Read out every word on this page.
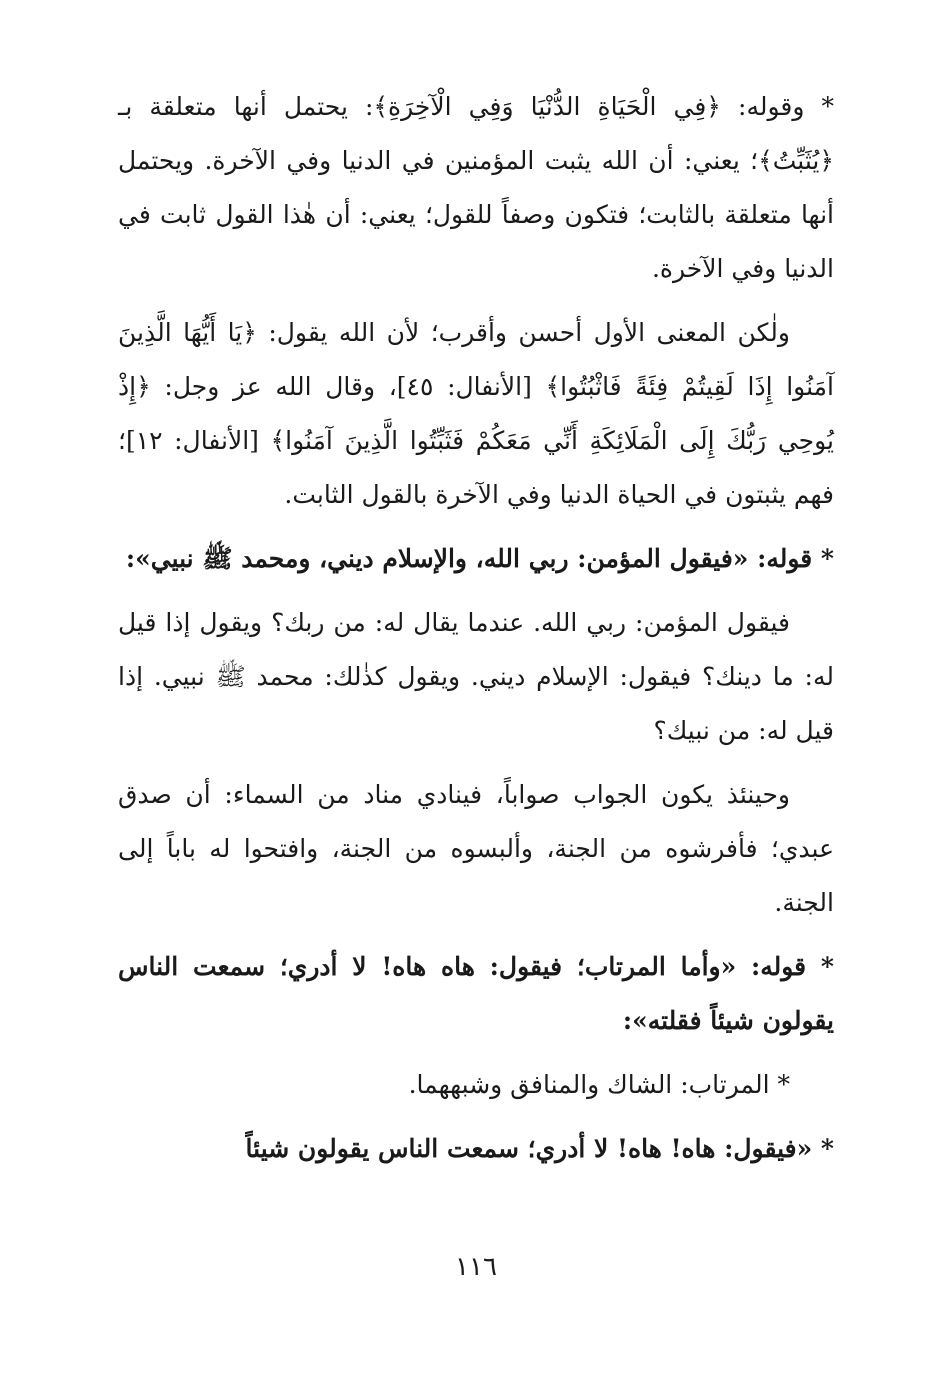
* وقوله: ﴿فِي الْحَيَاةِ الدُّنْيَا وَفِي الْآخِرَةِ﴾: يحتمل أنها متعلقة بـ ﴿يُثَبِّتُ﴾؛ يعني: أن الله يثبت المؤمنين في الدنيا وفي الآخرة. ويحتمل أنها متعلقة بالثابت؛ فتكون وصفاً للقول؛ يعني: أن هٰذا القول ثابت في الدنيا وفي الآخرة.

ولٰكن المعنى الأول أحسن وأقرب؛ لأن الله يقول: ﴿يَا أَيُّهَا الَّذِينَ آمَنُوا إِذَا لَقِيتُمْ فِئَةً فَاثْبُتُوا﴾ [الأنفال: ٤٥]، وقال الله عز وجل: ﴿إِذْ يُوحِي رَبُّكَ إِلَى الْمَلَائِكَةِ أَنِّي مَعَكُمْ فَثَبِّتُوا الَّذِينَ آمَنُوا﴾ [الأنفال: ١٢]؛ فهم يثبتون في الحياة الدنيا وفي الآخرة بالقول الثابت.

* قوله: «فيقول المؤمن: ربي الله، والإسلام ديني، ومحمد ﷺ نبيي»:

فيقول المؤمن: ربي الله. عندما يقال له: من ربك؟ ويقول إذا قيل له: ما دينك؟ فيقول: الإسلام ديني. ويقول كذٰلك: محمد ﷺ نبيي. إذا قيل له: من نبيك؟

وحينئذ يكون الجواب صواباً، فينادي مناد من السماء: أن صدق عبدي؛ فأفرشوه من الجنة، وألبسوه من الجنة، وافتحوا له باباً إلى الجنة.

* قوله: «وأما المرتاب؛ فيقول: هاه هاه! لا أدري؛ سمعت الناس يقولون شيئاً فقلته»:

* المرتاب: الشاك والمنافق وشبههما.

* «فيقول: هاه! هاه! لا أدري؛ سمعت الناس يقولون شيئاً

١١٦
